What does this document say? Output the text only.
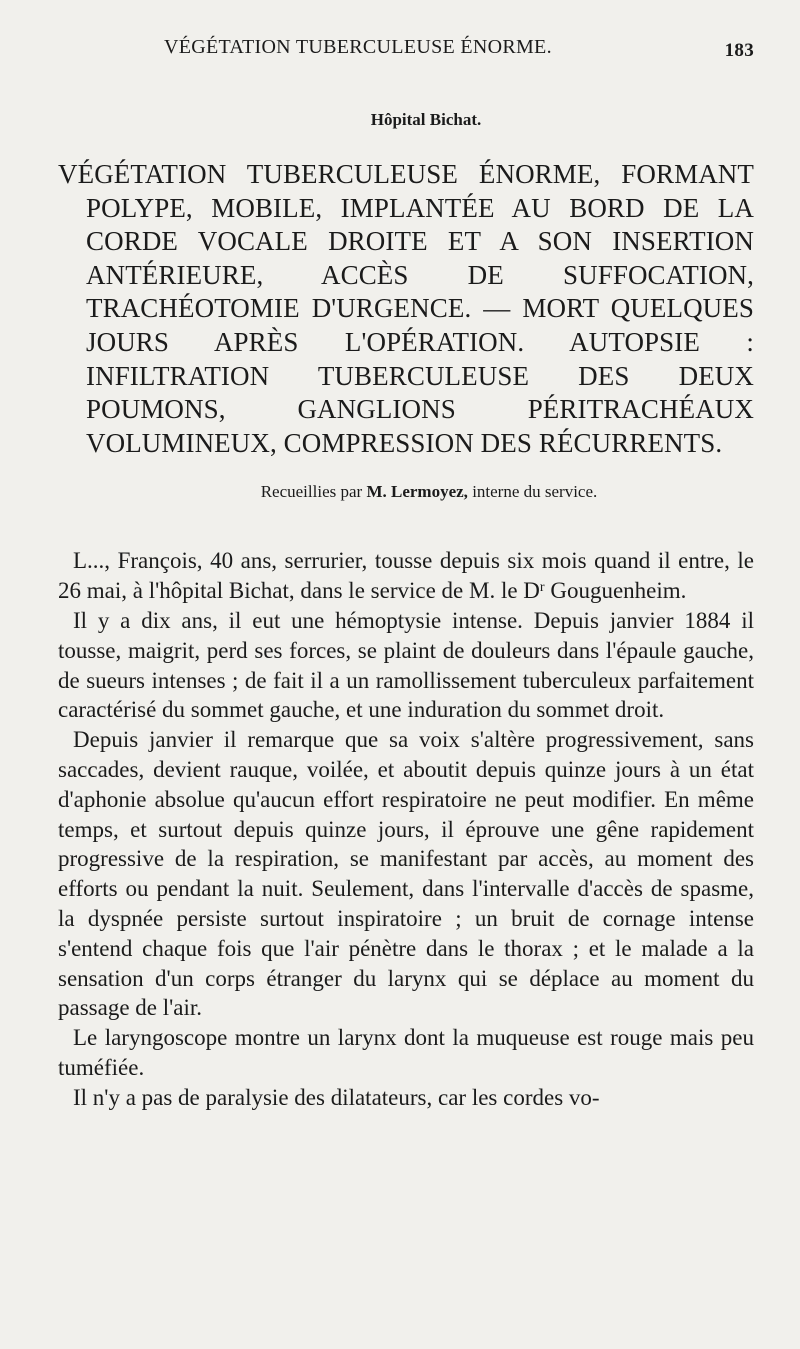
VÉGÉTATION TUBERCULEUSE ÉNORME.	183
Hôpital Bichat.
VÉGÉTATION TUBERCULEUSE ÉNORME, FORMANT POLYPE, MOBILE, IMPLANTÉE AU BORD DE LA CORDE VOCALE DROITE ET A SON INSERTION ANTÉRIEURE, ACCÈS DE SUFFOCATION, TRACHÉOTOMIE D'URGENCE. — MORT QUELQUES JOURS APRÈS L'OPÉRATION. AUTOPSIE : INFILTRATION TUBERCULEUSE DES DEUX POUMONS, GANGLIONS PÉRITRACHÉAUX VOLUMINEUX, COMPRESSION DES RÉCURRENTS.
Recueillies par M. Lermoyez, interne du service.

L..., François, 40 ans, serrurier, tousse depuis six mois quand il entre, le 26 mai, à l'hôpital Bichat, dans le service de M. le $D^r$ Gouguenheim.

Il y a dix ans, il eut une hémoptysie intense. Depuis janvier 1884 il tousse, maigrit, perd ses forces, se plaint de douleurs dans l'épaule gauche, de sueurs intenses ; de fait il a un ramollissement tuberculeux parfaitement caractérisé du sommet gauche, et une induration du sommet droit.

Depuis janvier il remarque que sa voix s'altère progressivement, sans saccades, devient rauque, voilée, et aboutit depuis quinze jours à un état d'aphonie absolue qu'aucun effort respiratoire ne peut modifier. En même temps, et surtout depuis quinze jours, il éprouve une gêne rapidement progressive de la respiration, se manifestant par accès, au moment des efforts ou pendant la nuit. Seulement, dans l'intervalle d'accès de spasme, la dyspnée persiste surtout inspiratoire ; un bruit de cornage intense s'entend chaque fois que l'air pénètre dans le thorax ; et le malade a la sensation d'un corps étranger du larynx qui se déplace au moment du passage de l'air.

Le laryngoscope montre un larynx dont la muqueuse est rouge mais peu tuméfiée.

Il n'y a pas de paralysie des dilatateurs, car les cordes vo-
